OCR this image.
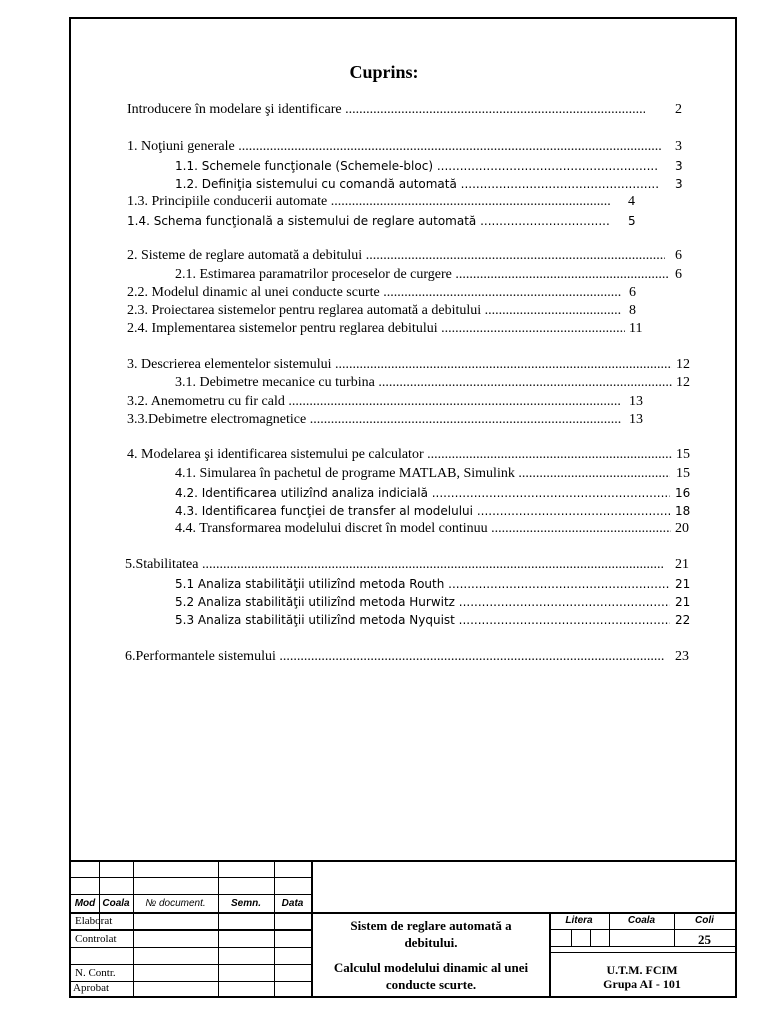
Cuprins:
Introducere în modelare şi identificare .....	2
1. Noţiuni generale .....	3
1.1. Schemele funcţionale (Schemele-bloc) .....	3
1.2. Definiţia sistemului cu comandă automată .....	3
1.3. Principiile conducerii automate .....	4
1.4. Schema funcţională a sistemului de reglare automată .....	5
2. Sisteme de reglare automată a debitului .....	6
2.1. Estimarea paramatrilor proceselor de curgere .....	6
2.2. Modelul dinamic al unei conducte scurte .....	6
2.3. Proiectarea sistemelor pentru reglarea automată a debitului .....	8
2.4. Implementarea sistemelor pentru reglarea debitului .....	11
3. Descrierea elementelor sistemului .....	12
3.1. Debimetre mecanice cu turbina .....	12
3.2. Anemometru cu fir cald .....	13
3.3.Debimetre electromagnetice .....	13
4. Modelarea şi identificarea sistemului pe calculator .....	15
4.1. Simularea în pachetul de programe MATLAB, Simulink .....	15
4.2. Identificarea utilizînd analiza indicială .....	16
4.3. Identificarea funcţiei de transfer al modelului .....	18
4.4. Transformarea modelului discret în model continuu .....	20
5.Stabilitatea .....	21
5.1 Analiza stabilităţii utilizînd metoda Routh .....	21
5.2 Analiza stabilităţii utilizînd metoda Hurwitz .....	21
5.3 Analiza stabilităţii utilizînd metoda Nyquist .....	22
6.Performantele sistemului .....	23
Mod Coala	№ document.	Semn.	Data
Elaborat
Controlat
N. Contr.
Aprobat
Sistem de reglare automată a debitului.
Calculul modelului dinamic al unei conducte scurte.
Litera	Coala	Coli
25
U.T.M. FCIM
Grupa AI - 101
